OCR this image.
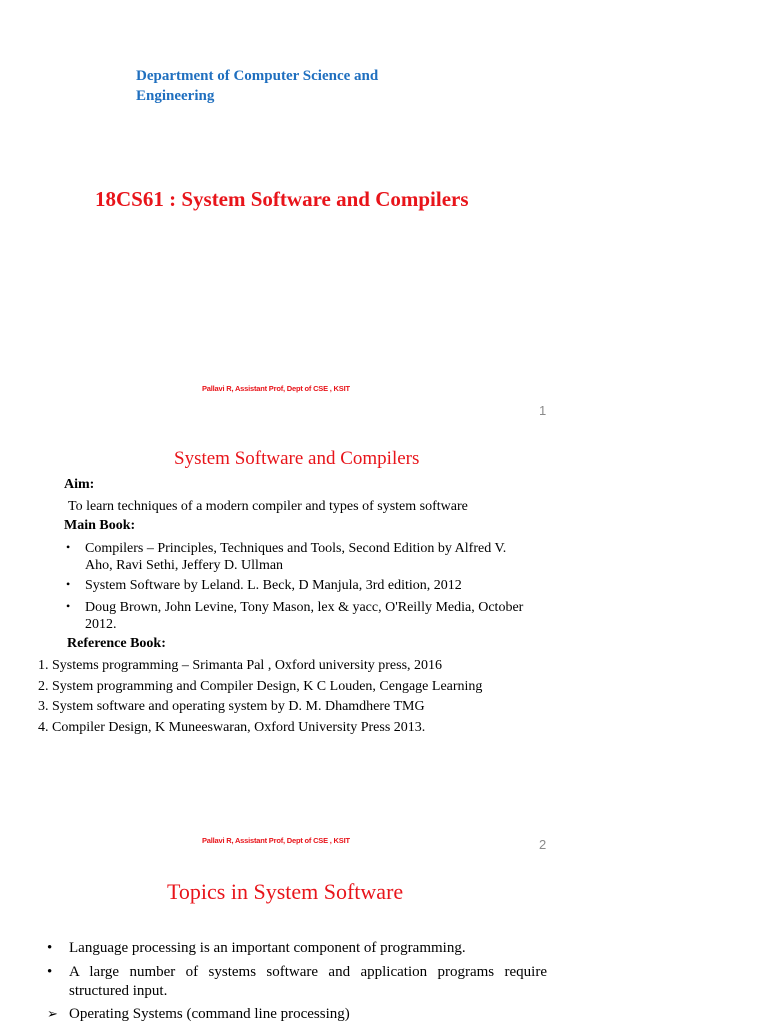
Department of Computer Science and Engineering
18CS61 : System Software and Compilers
Pallavi R, Assistant Prof, Dept of CSE , KSIT
1
System Software and Compilers
Aim:
To learn techniques of a modern compiler and types of system software
Main Book:
• Compilers – Principles, Techniques and Tools, Second Edition by Alfred V. Aho, Ravi Sethi, Jeffery D. Ullman
• System Software by Leland. L. Beck, D Manjula, 3rd edition, 2012
• Doug Brown, John Levine, Tony Mason, lex & yacc, O'Reilly Media, October 2012.
Reference Book:
1. Systems programming – Srimanta Pal , Oxford university press, 2016
2. System programming and Compiler Design, K C Louden, Cengage Learning
3. System software and operating system by D. M. Dhamdhere TMG
4. Compiler Design, K Muneeswaran, Oxford University Press 2013.
Pallavi R, Assistant Prof, Dept of CSE , KSIT	2
Topics in System Software
• Language processing is an important component of programming.
• A large number of systems software and application programs require structured input.
➢ Operating Systems (command line processing)
